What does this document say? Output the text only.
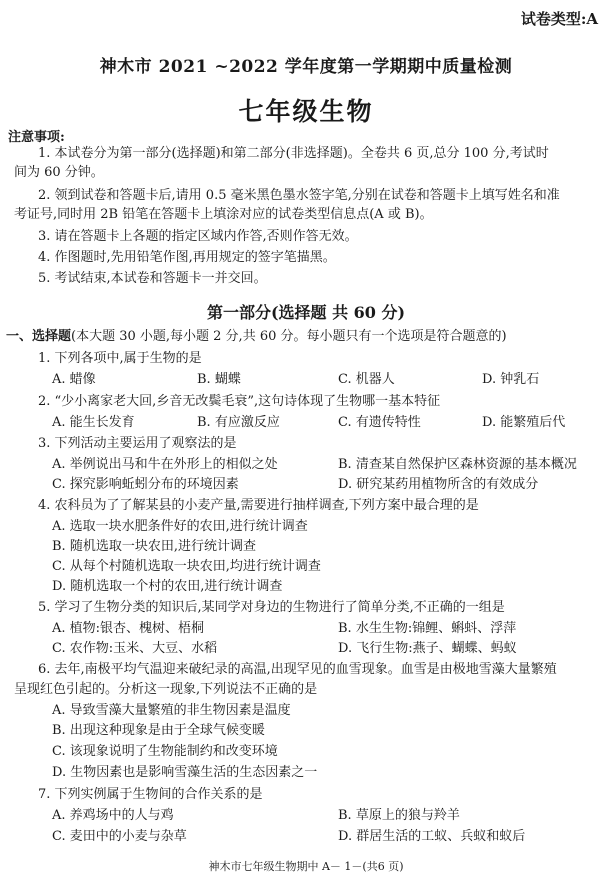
试卷类型:A
神木市 2021 ~2022 学年度第一学期期中质量检测
七年级生物
注意事项:
1. 本试卷分为第一部分(选择题)和第二部分(非选择题)。全卷共 6 页,总分 100 分,考试时
间为 60 分钟。
2. 领到试卷和答题卡后,请用 0.5 毫米黑色墨水签字笔,分别在试卷和答题卡上填写姓名和准
考证号,同时用 2B 铅笔在答题卡上填涂对应的试卷类型信息点(A 或 B)。
3. 请在答题卡上各题的指定区域内作答,否则作答无效。
4. 作图题时,先用铅笔作图,再用规定的签字笔描黑。
5. 考试结束,本试卷和答题卡一并交回。
第一部分(选择题 共 60 分)
一、选择题(本大题 30 小题,每小题 2 分,共 60 分。每小题只有一个选项是符合题意的)
1. 下列各项中,属于生物的是
A. 蜡像	B. 蝴蝶	C. 机器人	D. 钟乳石
2. “少小离家老大回,乡音无改鬓毛衰”,这句诗体现了生物哪一基本特征
A. 能生长发育	B. 有应激反应	C. 有遗传特性	D. 能繁殖后代
3. 下列活动主要运用了观察法的是
A. 举例说出马和牛在外形上的相似之处	B. 清查某自然保护区森林资源的基本概况
C. 探究影响蚯蚓分布的环境因素	D. 研究某药用植物所含的有效成分
4. 农科员为了了解某县的小麦产量,需要进行抽样调查,下列方案中最合理的是
A. 选取一块水肥条件好的农田,进行统计调查
B. 随机选取一块农田,进行统计调查
C. 从每个村随机选取一块农田,均进行统计调查
D. 随机选取一个村的农田,进行统计调查
5. 学习了生物分类的知识后,某同学对身边的生物进行了简单分类,不正确的一组是
A. 植物:银杏、槐树、梧桐	B. 水生生物:锦鲤、蝌蚪、浮萍
C. 农作物:玉米、大豆、水稻	D. 飞行生物:燕子、蝴蝶、蚂蚁
6. 去年,南极平均气温迎来破纪录的高温,出现罕见的血雪现象。血雪是由极地雪藻大量繁殖
呈现红色引起的。分析这一现象,下列说法不正确的是
A. 导致雪藻大量繁殖的非生物因素是温度
B. 出现这种现象是由于全球气候变暖
C. 该现象说明了生物能制约和改变环境
D. 生物因素也是影响雪藻生活的生态因素之一
7. 下列实例属于生物间的合作关系的是
A. 养鸡场中的人与鸡	B. 草原上的狼与羚羊
C. 麦田中的小麦与杂草	D. 群居生活的工蚁、兵蚁和蚁后
神木市七年级生物期中 A－ 1－(共6 页)
